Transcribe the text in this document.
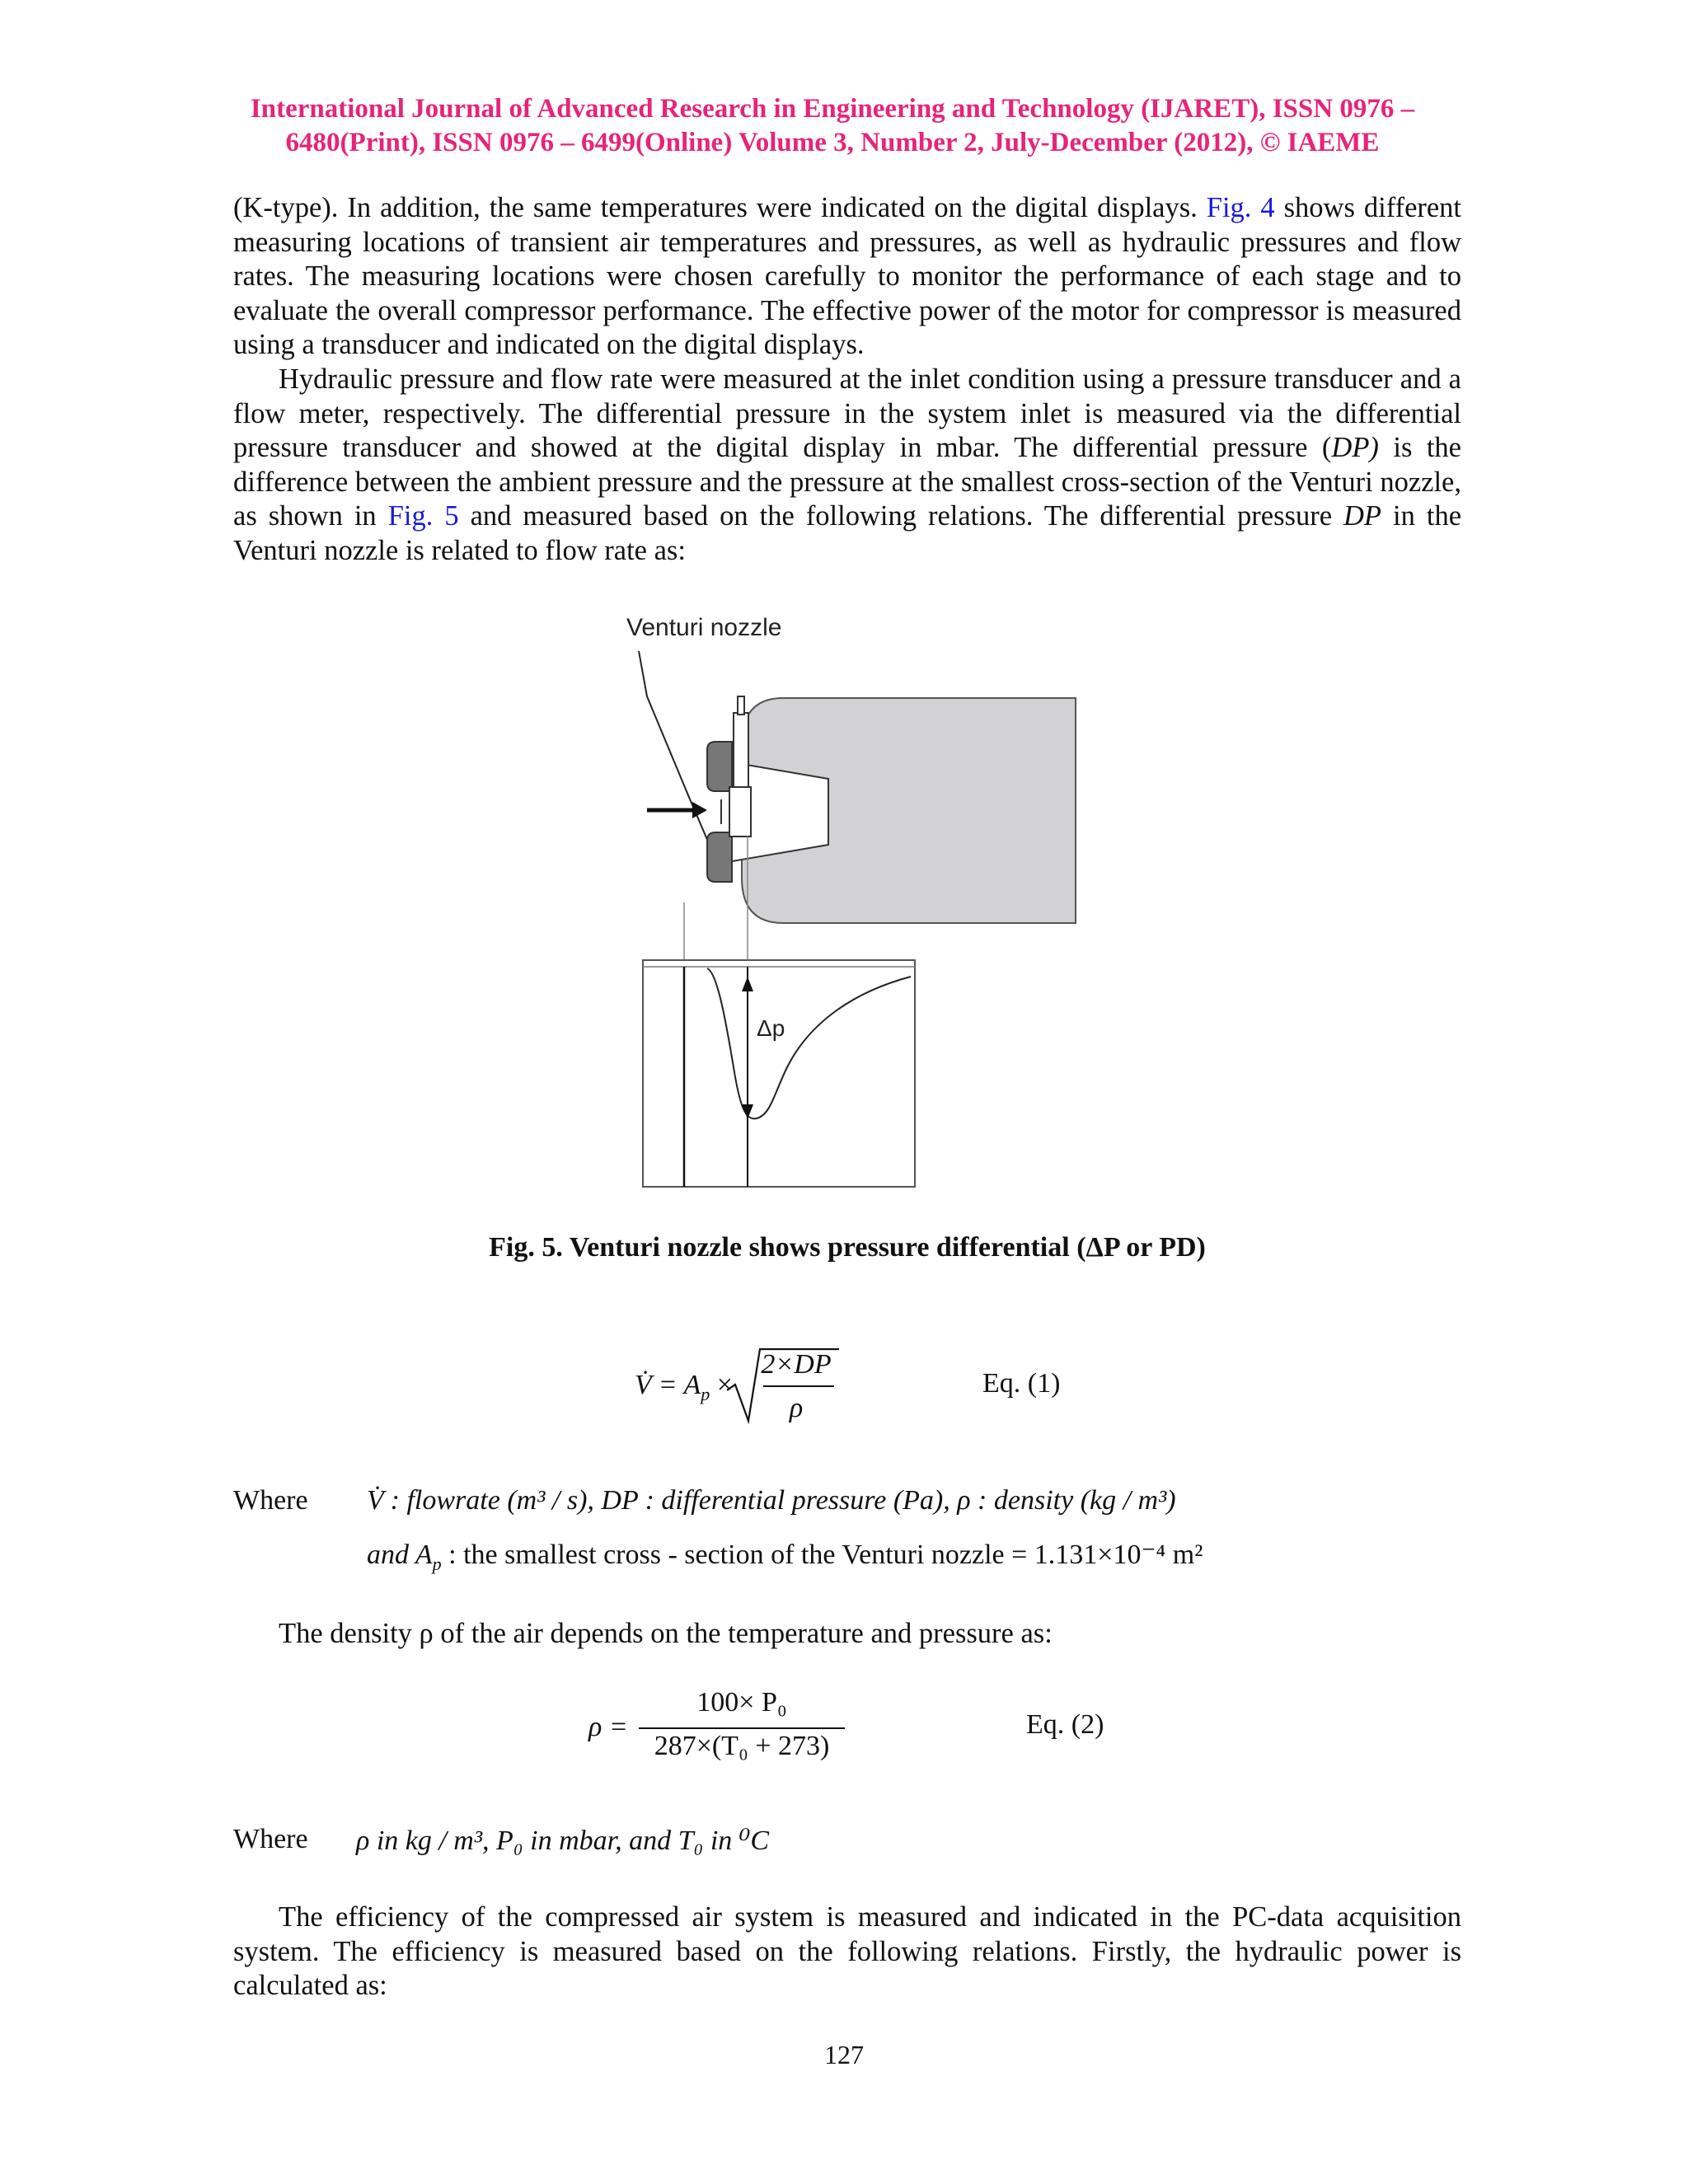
International Journal of Advanced Research in Engineering and Technology (IJARET), ISSN 0976 –
6480(Print), ISSN 0976 – 6499(Online) Volume 3, Number 2, July-December (2012), © IAEME
(K-type). In addition, the same temperatures were indicated on the digital displays. Fig. 4 shows different measuring locations of transient air temperatures and pressures, as well as hydraulic pressures and flow rates. The measuring locations were chosen carefully to monitor the performance of each stage and to evaluate the overall compressor performance. The effective power of the motor for compressor is measured using a transducer and indicated on the digital displays.
Hydraulic pressure and flow rate were measured at the inlet condition using a pressure transducer and a flow meter, respectively. The differential pressure in the system inlet is measured via the differential pressure transducer and showed at the digital display in mbar. The differential pressure (DP) is the difference between the ambient pressure and the pressure at the smallest cross-section of the Venturi nozzle, as shown in Fig. 5 and measured based on the following relations. The differential pressure DP in the Venturi nozzle is related to flow rate as:
Venturi nozzle
Δp
Fig. 5. Venturi nozzle shows pressure differential (ΔP or PD)
V̇ = $A_p$ ×
2×DP
ρ
Eq. (1)
Where V̇ : flowrate (m³ / s), DP : differential pressure (Pa), ρ : density (kg / m³)
and $A_p$ : the smallest cross - section of the Venturi nozzle = 1.131×10⁻⁴ m²
The density ρ of the air depends on the temperature and pressure as:
ρ =
100× P₀
287×(T₀ + 273)
Eq. (2)
Where ρ in kg / m³, P₀ in mbar, and T₀ in ⁰C
The efficiency of the compressed air system is measured and indicated in the PC-data acquisition system. The efficiency is measured based on the following relations. Firstly, the hydraulic power is calculated as:
127
